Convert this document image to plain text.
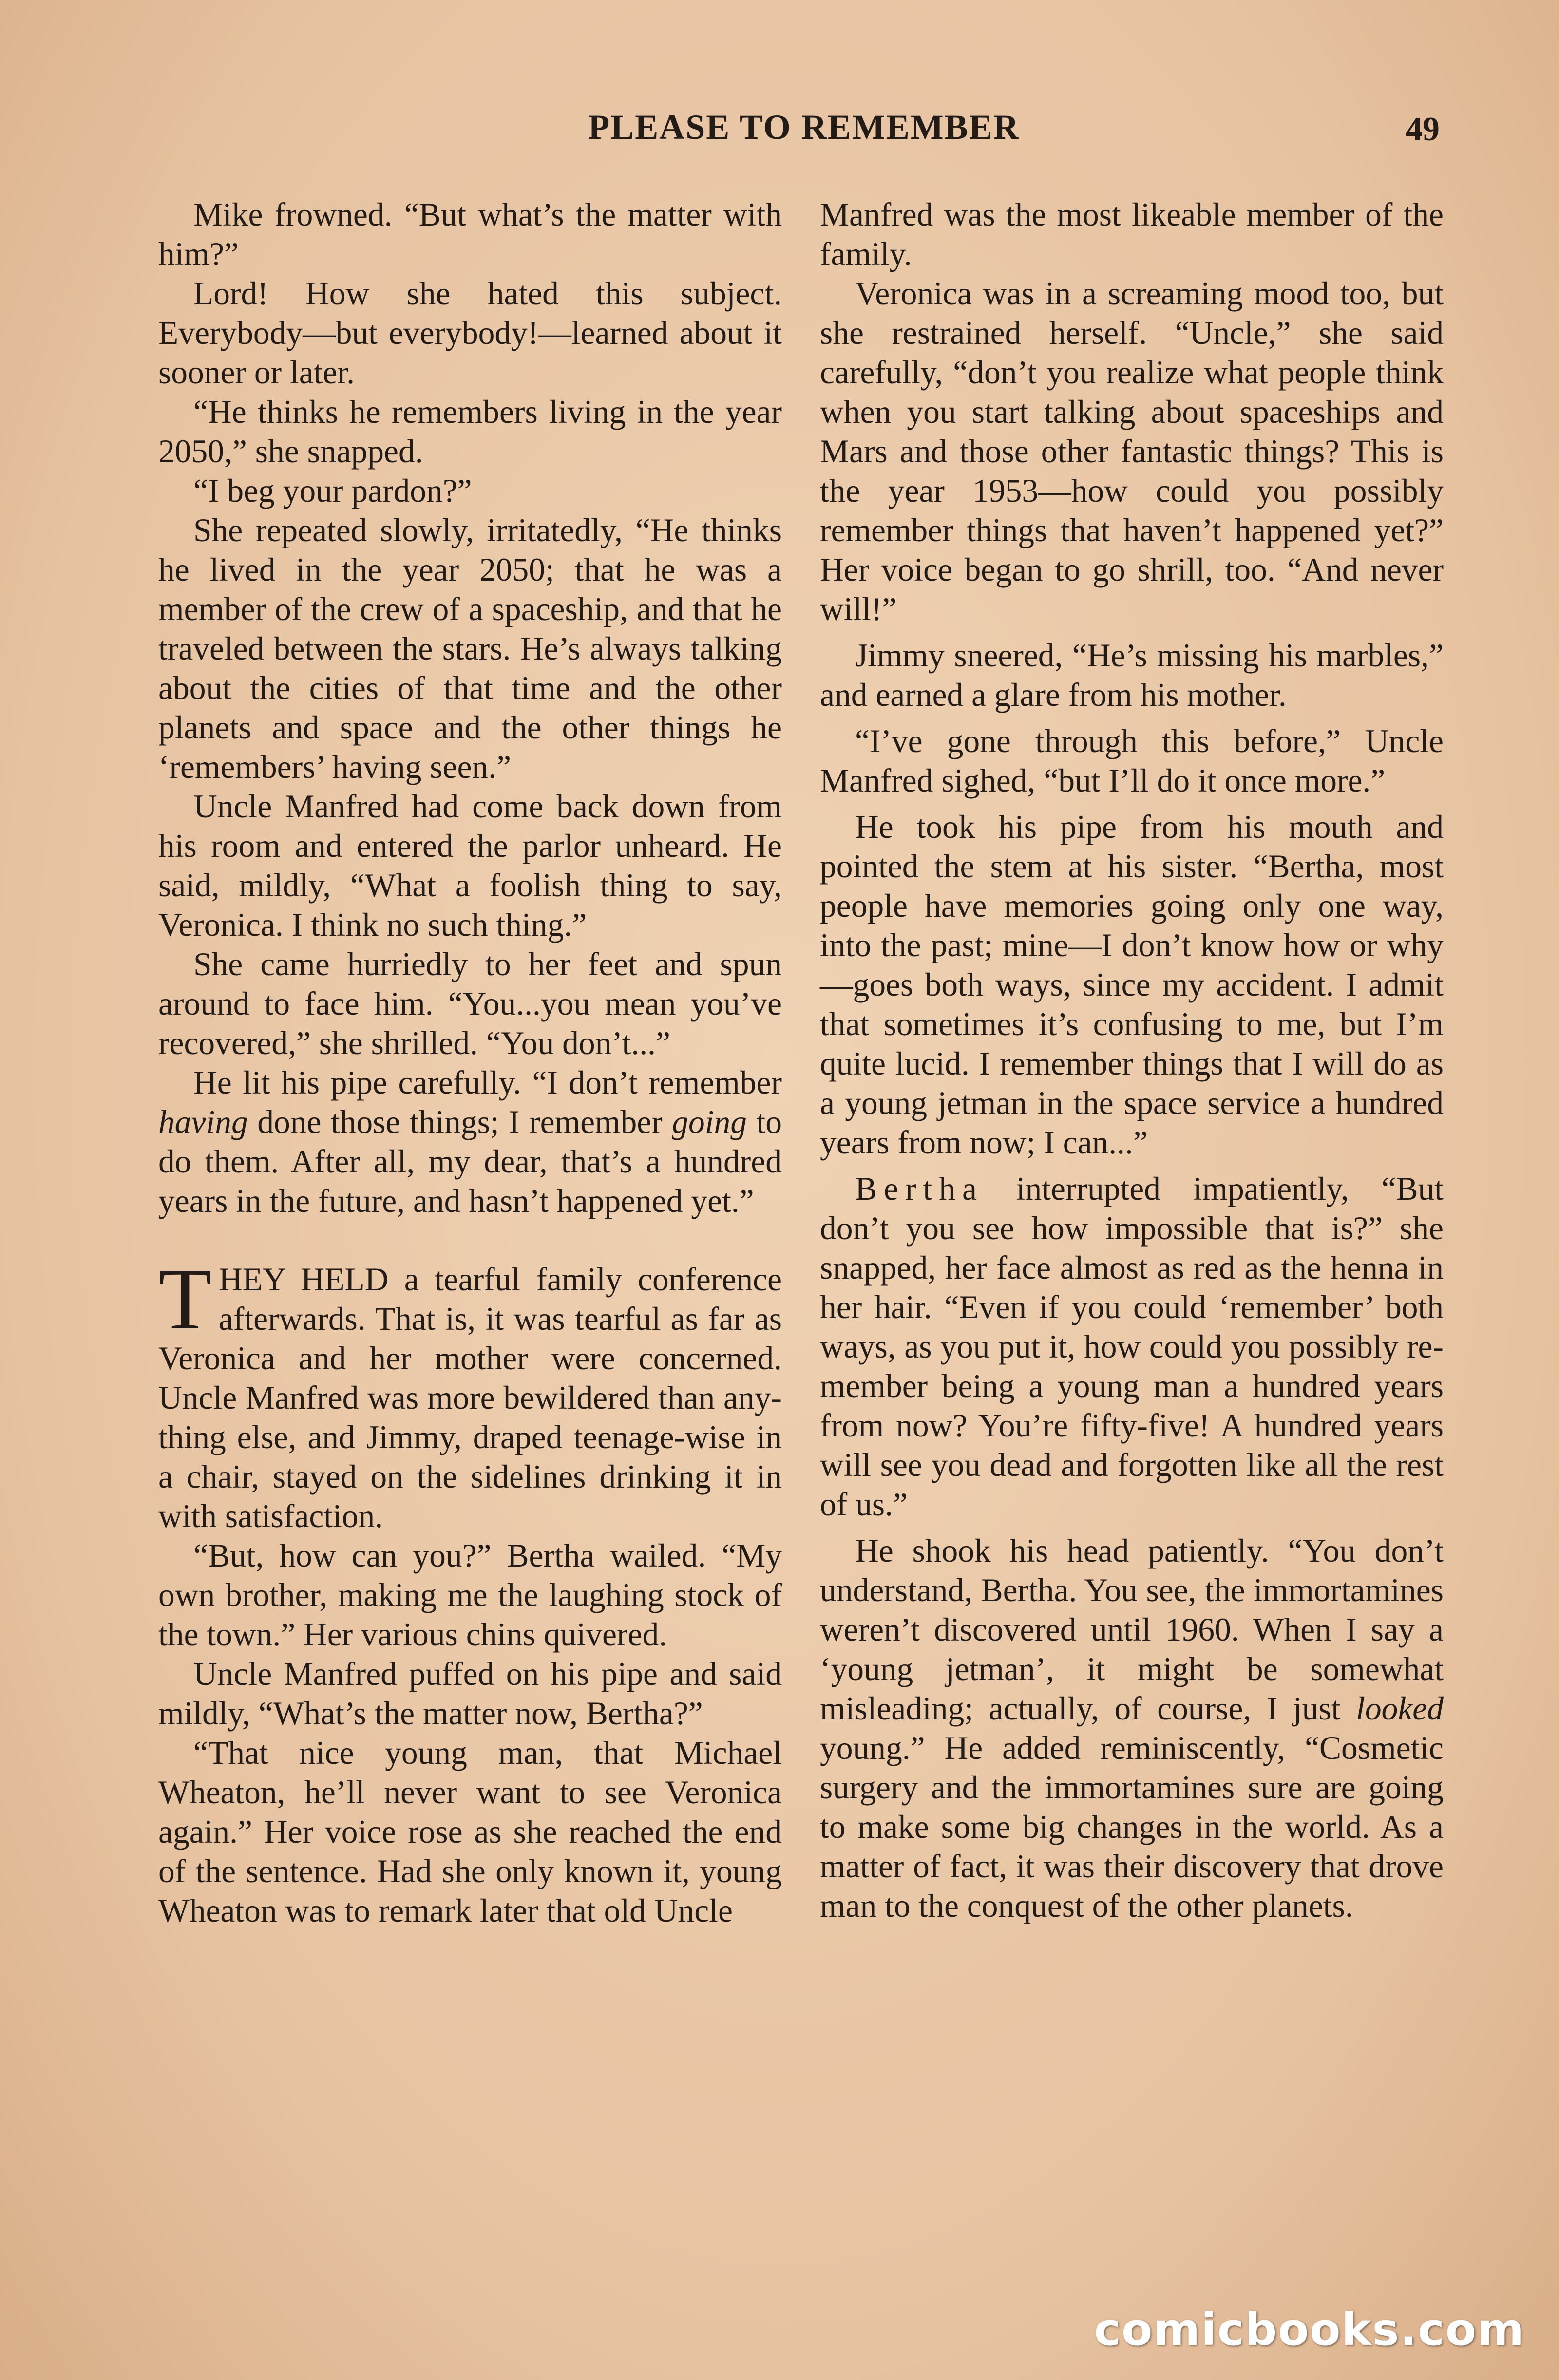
PLEASE TO REMEMBER	49

Mike frowned. “But what’s the matter with him?”

Lord! How she hated this subject. Everybody—but everybody!—learned about it sooner or later.

“He thinks he remembers living in the year 2050,” she snapped.

“I beg your pardon?”

She repeated slowly, irritatedly, “He thinks he lived in the year 2050; that he was a member of the crew of a spaceship, and that he traveled between the stars. He’s always talking about the cities of that time and the other planets and space and the other things he ‘remembers’ having seen.”

Uncle Manfred had come back down from his room and entered the parlor unheard. He said, mildly, “What a foolish thing to say, Veronica. I think no such thing.”

She came hurriedly to her feet and spun around to face him. “You...you mean you’ve recovered,” she shrilled. “You don’t...”

He lit his pipe carefully. “I don’t remember having done those things; I remember going to do them. After all, my dear, that’s a hundred years in the future, and hasn’t happened yet.”

THEY HELD a tearful family conference afterwards. That is, it was tearful as far as Veronica and her mother were concerned. Uncle Manfred was more bewildered than anything else, and Jimmy, draped teenage-wise in a chair, stayed on the sidelines drinking it in with satisfaction.

“But, how can you?” Bertha wailed. “My own brother, making me the laughing stock of the town.” Her various chins quivered.

Uncle Manfred puffed on his pipe and said mildly, “What’s the matter now, Bertha?”

“That nice young man, that Michael Wheaton, he’ll never want to see Veronica again.” Her voice rose as she reached the end of the sentence. Had she only known it, young Wheaton was to remark later that old Uncle

Manfred was the most likeable member of the family.

Veronica was in a screaming mood too, but she restrained herself. “Uncle,” she said carefully, “don’t you realize what people think when you start talking about spaceships and Mars and those other fantastic things? This is the year 1953—how could you possibly remember things that haven’t happened yet?” Her voice began to go shrill, too. “And never will!”

Jimmy sneered, “He’s missing his marbles,” and earned a glare from his mother.

“I’ve gone through this before,” Uncle Manfred sighed, “but I’ll do it once more.”

He took his pipe from his mouth and pointed the stem at his sister. “Bertha, most people have memories going only one way, into the past; mine—I don’t know how or why—goes both ways, since my accident. I admit that sometimes it’s confusing to me, but I’m quite lucid. I remember things that I will do as a young jetman in the space service a hundred years from now; I can...”

Bertha interrupted impatiently, “But don’t you see how impossible that is?” she snapped, her face almost as red as the henna in her hair. “Even if you could ‘remember’ both ways, as you put it, how could you possibly remember being a young man a hundred years from now? You’re fifty-five! A hundred years will see you dead and forgotten like all the rest of us.”

He shook his head patiently. “You don’t understand, Bertha. You see, the immortamines weren’t discovered until 1960. When I say a ‘young jetman’, it might be somewhat misleading; actually, of course, I just looked young.” He added reminiscently, “Cosmetic surgery and the immortamines sure are going to make some big changes in the world. As a matter of fact, it was their discovery that drove man to the conquest of the other planets.

comicbooks.com
